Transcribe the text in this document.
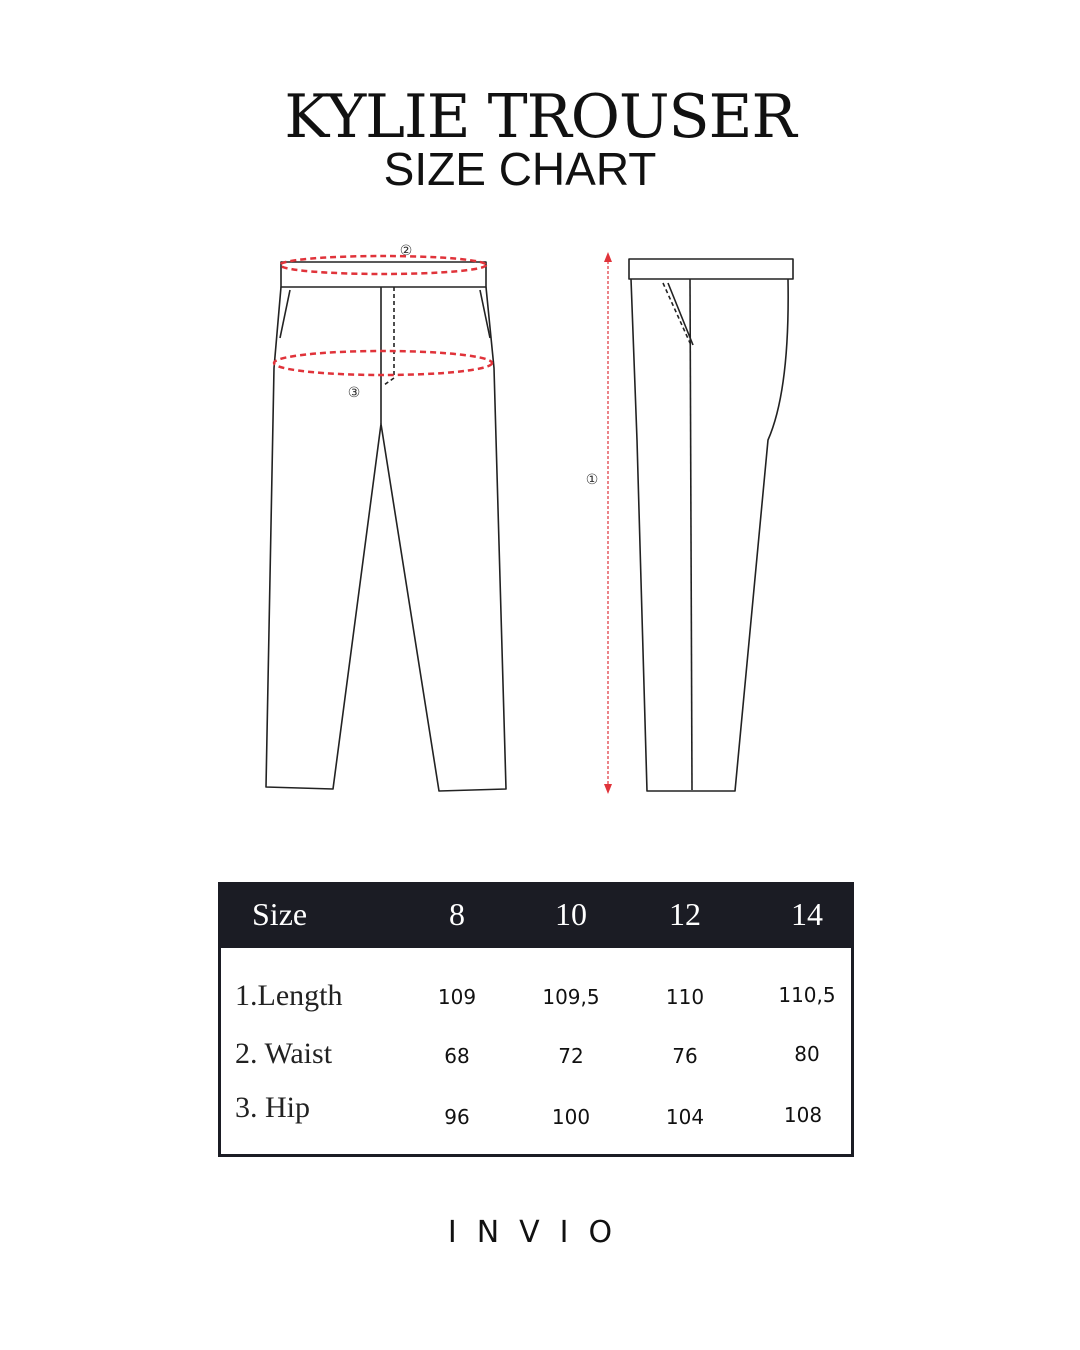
KYLIE TROUSER
SIZE CHART
②
③
①
Size	8	10	12	14
1.Length	109	109,5	110	110,5
2. Waist	68	72	76	80
3. Hip	96	100	104	108
INVIO
